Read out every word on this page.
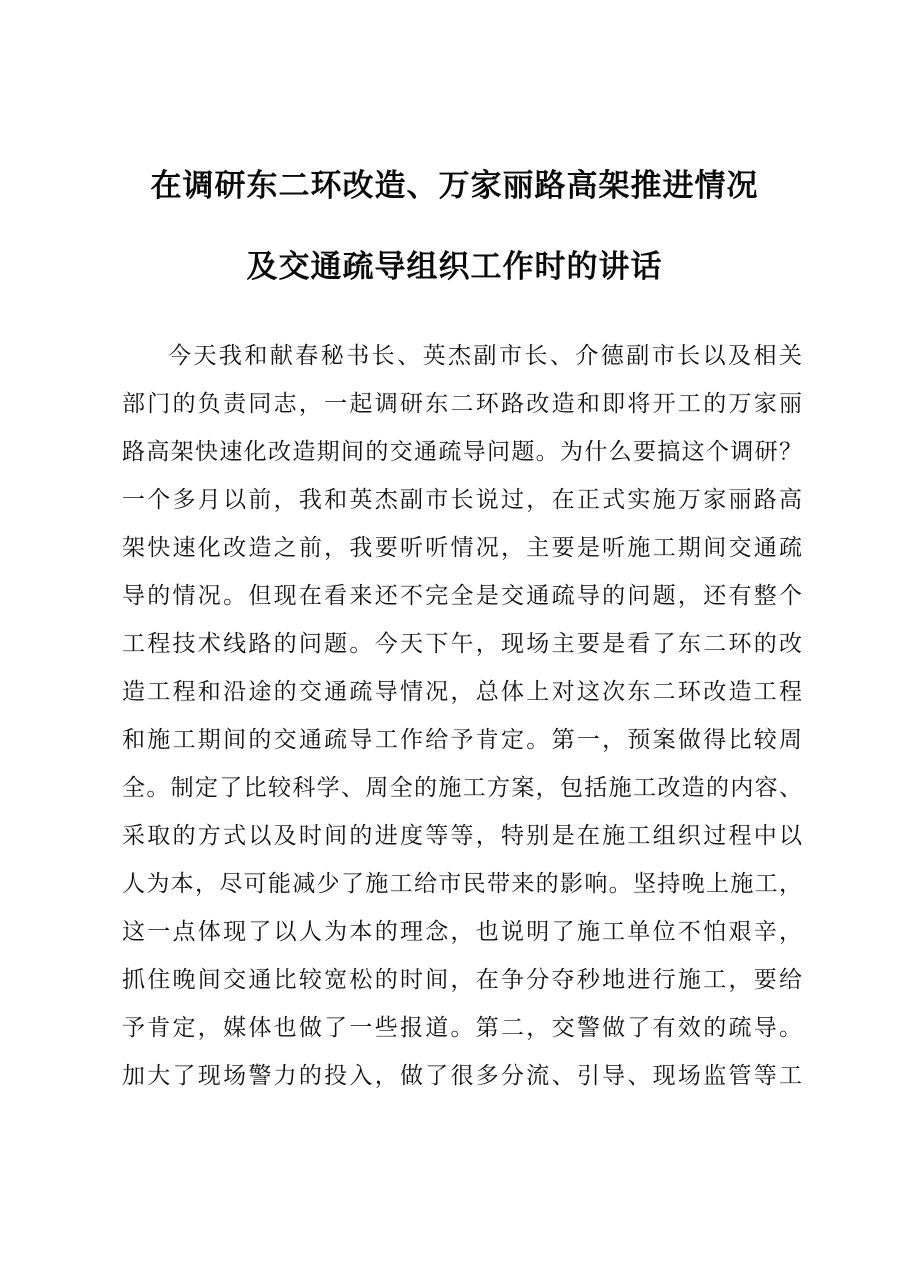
在调研东二环改造、万家丽路高架推进情况
及交通疏导组织工作时的讲话
今天我和献春秘书长、英杰副市长、介德副市长以及相关
部门的负责同志，一起调研东二环路改造和即将开工的万家丽
路高架快速化改造期间的交通疏导问题。为什么要搞这个调研？
一个多月以前，我和英杰副市长说过，在正式实施万家丽路高
架快速化改造之前，我要听听情况，主要是听施工期间交通疏
导的情况。但现在看来还不完全是交通疏导的问题，还有整个
工程技术线路的问题。今天下午，现场主要是看了东二环的改
造工程和沿途的交通疏导情况，总体上对这次东二环改造工程
和施工期间的交通疏导工作给予肯定。第一，预案做得比较周
全。制定了比较科学、周全的施工方案，包括施工改造的内容、
采取的方式以及时间的进度等等，特别是在施工组织过程中以
人为本，尽可能减少了施工给市民带来的影响。坚持晚上施工，
这一点体现了以人为本的理念，也说明了施工单位不怕艰辛，
抓住晚间交通比较宽松的时间，在争分夺秒地进行施工，要给
予肯定，媒体也做了一些报道。第二，交警做了有效的疏导。
加大了现场警力的投入，做了很多分流、引导、现场监管等工
